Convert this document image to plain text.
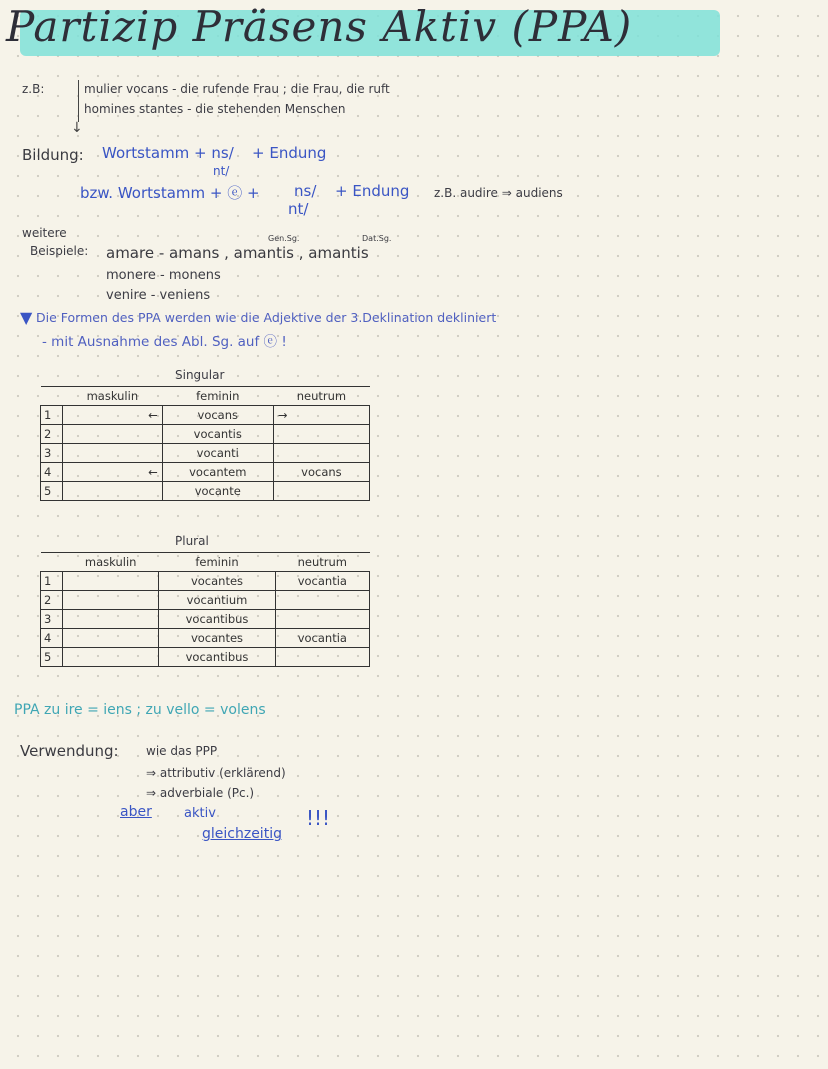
Partizip Präsens Aktiv (PPA)
z.B:	mulier vocans - die rufende Frau ; die Frau, die ruft
homines stantes - die stehenden Menschen
↓
Bildung: Wortstamm + ns/
nt/
+ Endung
bzw. Wortstamm + ⓔ + ns/
nt/
+ Endung z.B. audire ⇒ audiens
weitere
Beispiele:
Gen.Sg.	Dat.Sg.
amare - amans , amantis , amantis
monere - monens
venire - veniens
▼ Die Formen des PPA werden wie die Adjektive der 3.Deklination dekliniert
- mit Ausnahme des Abl. Sg. auf ⓔ !
Singular
	maskulin	feminin	neutrum
1	←	vocans	→
2		vocantis	
3		vocanti	
4	←	vocantem	vocans
5		vocante	
Plural
	maskulin	feminin	neutrum
1		vocantes	vocantia
2		vocantium	
3		vocantibus	
4		vocantes	vocantia
5		vocantibus	
PPA zu ire = iens ; zu vello = volens
Verwendung: wie das PPP
⇒ attributiv (erklärend)
⇒ adverbiale (Pc.)
aber aktiv
gleichzeitig
!!!
